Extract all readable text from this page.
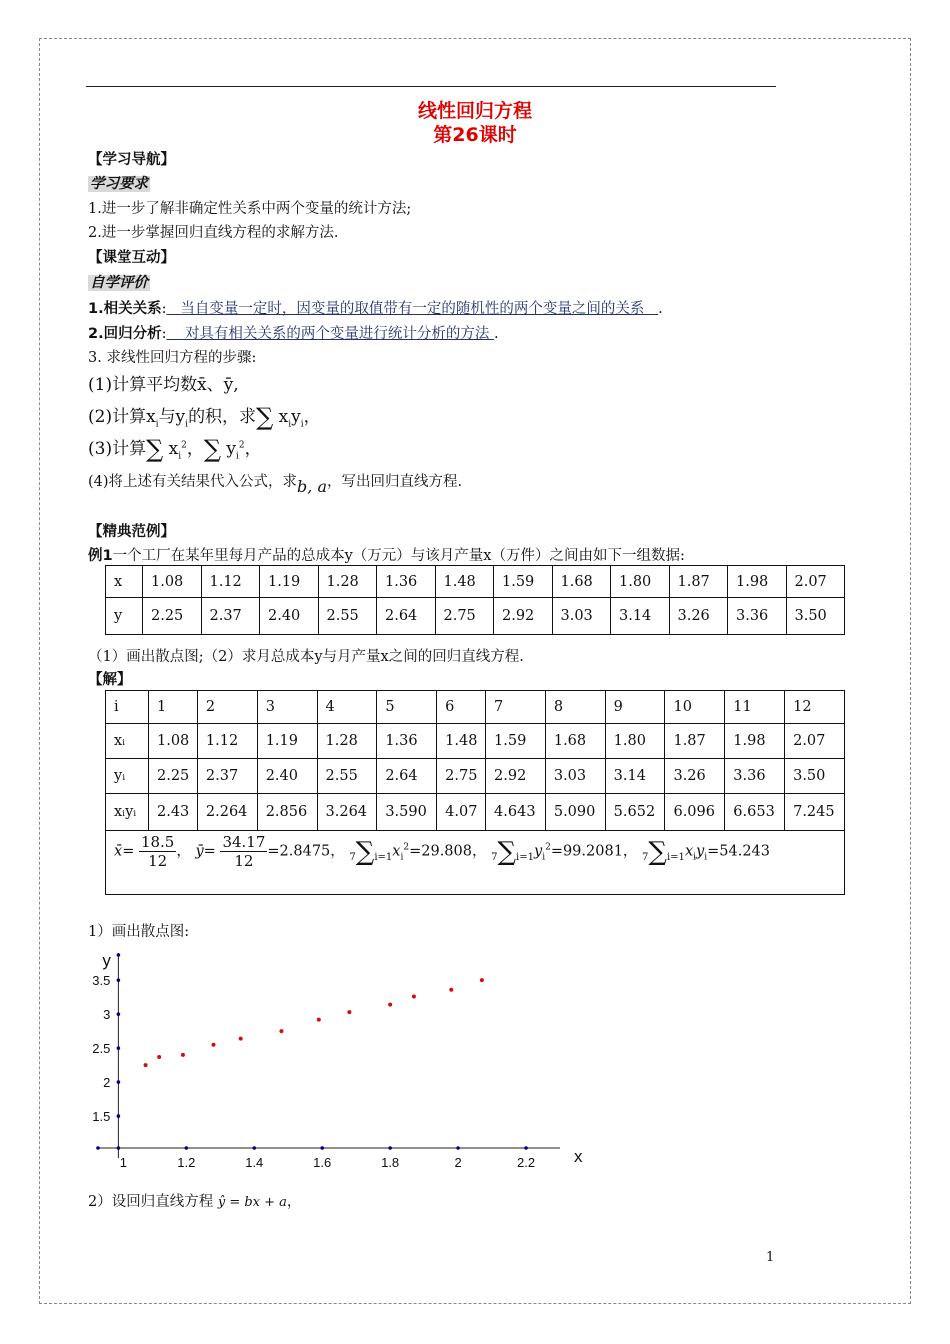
线性回归方程
第26课时
【学习导航】
学习要求
1.进一步了解非确定性关系中两个变量的统计方法;
2.进一步掌握回归直线方程的求解方法.
【课堂互动】
自学评价
1.相关关系: 当自变量一定时，因变量的取值带有一定的随机性的两个变量之间的关系 .
2.回归分析: 对具有相关关系的两个变量进行统计分析的方法 .
3. 求线性回归方程的步骤:
(1)计算平均数x̄、ȳ,
(2)计算$x_i$与$y_i$的积，求∑ $x_iy_i$，
(3)计算∑ $x_i^2$，∑ $y_i^2$，
(4)将上述有关结果代入公式，求b, a，写出回归直线方程.
【精典范例】
例1一个工厂在某年里每月产品的总成本y（万元）与该月产量x（万件）之间由如下一组数据:
x	1.08	1.12	1.19	1.28	1.36	1.48	1.59	1.68	1.80	1.87	1.98	2.07
y	2.25	2.37	2.40	2.55	2.64	2.75	2.92	3.03	3.14	3.26	3.36	3.50
（1）画出散点图;（2）求月总成本y与月产量x之间的回归直线方程.
【解】
i	1	2	3	4	5	6	7	8	9	10	11	12
xᵢ	1.08	1.12	1.19	1.28	1.36	1.48	1.59	1.68	1.80	1.87	1.98	2.07
yᵢ	2.25	2.37	2.40	2.55	2.64	2.75	2.92	3.03	3.14	3.26	3.36	3.50
xᵢyᵢ	2.43	2.264	2.856	3.264	3.590	4.07	4.643	5.090	5.652	6.096	6.653	7.245
x̄= $\frac{18.5}{12}$ ， ȳ= $\frac{34.17}{12} =2.8475$， $7\sum i=1x_i^2=29.808$， $7\sum i=1y_i^2=99.2081$， $7\sum i=1x_iy_i=54.243$
1）画出散点图:
x
y
1	1.2	1.4	1.6	1.8	2	2.2
1.5
2
2.5
3
3.5
2）设回归直线方程 ŷ = bx + a，
1
